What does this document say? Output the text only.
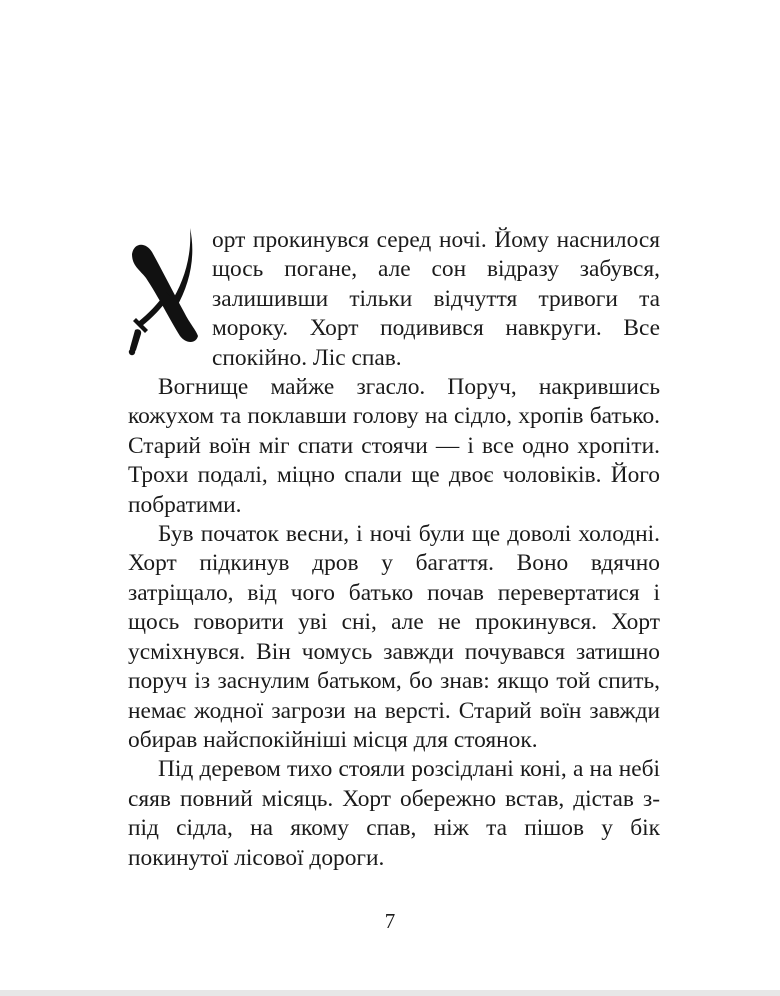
орт прокинувся серед ночі. Йому наснилося щось погане, але сон відразу забувся, залишивши тільки відчуття тривоги та мороку. Хорт подивився навкруги. Все спокійно. Ліс спав.

Вогнище майже згасло. Поруч, накрившись кожухом та поклавши голову на сідло, хропів батько. Старий воїн міг спати стоячи — і все одно хропіти. Трохи подалі, міцно спали ще двоє чоловіків. Його побратими.

Був початок весни, і ночі були ще доволі холодні. Хорт підкинув дров у багаття. Воно вдячно затріщало, від чого батько почав перевертатися і щось говорити уві сні, але не прокинувся. Хорт усміхнувся. Він чомусь завжди почувався затишно поруч із заснулим батьком, бо знав: якщо той спить, немає жодної загрози на версті. Старий воїн завжди обирав найспокійніші місця для стоянок.

Під деревом тихо стояли розсідлані коні, а на небі сяяв повний місяць. Хорт обережно встав, дістав з-під сідла, на якому спав, ніж та пішов у бік покинутої лісової дороги.

7
